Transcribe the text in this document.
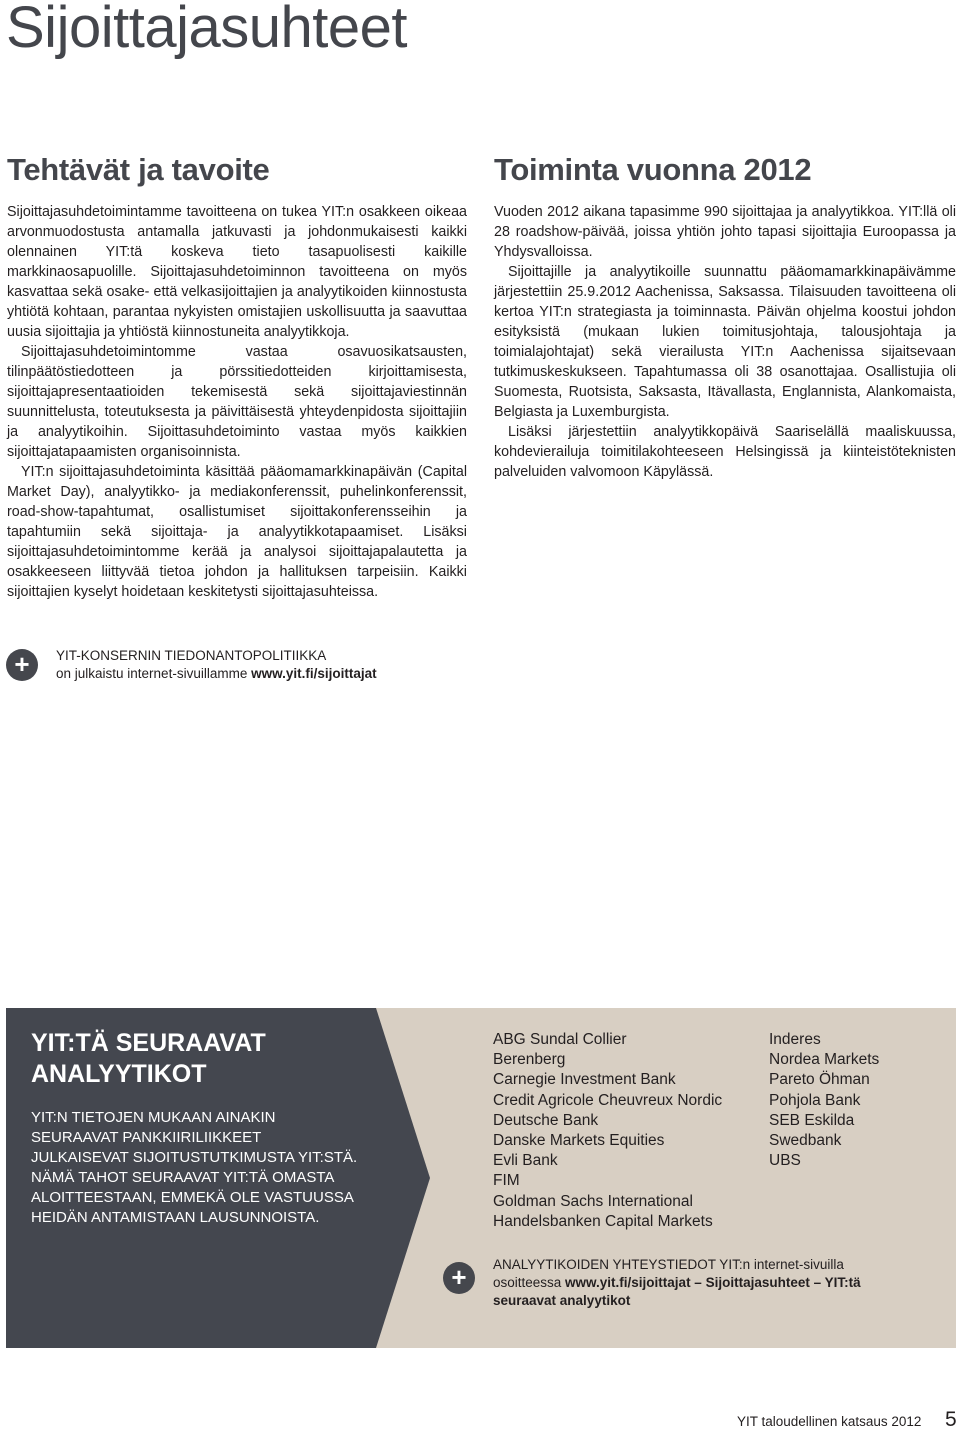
Sijoittajasuhteet
Tehtävät ja tavoite

Sijoittajasuhdetoimintamme tavoitteena on tukea YIT:n osakkeen oikeaa arvonmuodostusta antamalla jatkuvasti ja johdonmukaisesti kaikki olennainen YIT:tä koskeva tieto tasapuolisesti kaikille markkinaosapuolille. Sijoittajasuhdetoiminnon tavoitteena on myös kasvattaa sekä osake- että velkasijoittajien ja analyytikoiden kiinnostusta yhtiötä kohtaan, parantaa nykyisten omistajien uskollisuutta ja saavuttaa uusia sijoittajia ja yhtiöstä kiinnostuneita analyytikkoja.

Sijoittajasuhdetoimintomme vastaa osavuosikatsausten, tilinpäätöstiedotteen ja pörssitiedotteiden kirjoittamisesta, sijoittajapresentaatioiden tekemisestä sekä sijoittajaviestinnän suunnittelusta, toteutuksesta ja päivittäisestä yhteydenpidosta sijoittajiin ja analyytikoihin. Sijoittasuhdetoiminto vastaa myös kaikkien sijoittajatapaamisten organisoinnista.

YIT:n sijoittajasuhdetoiminta käsittää pääomamarkkinapäivän (Capital Market Day), analyytikko- ja mediakonferenssit, puhelinkonferenssit, road-show-tapahtumat, osallistumiset sijoittakonferensseihin ja tapahtumiin sekä sijoittaja- ja analyytikkotapaamiset. Lisäksi sijoittajasuhdetoimintomme kerää ja analysoi sijoittajapalautetta ja osakkeeseen liittyvää tietoa johdon ja hallituksen tarpeisiin. Kaikki sijoittajien kyselyt hoidetaan keskitetysti sijoittajasuhteissa.

Toiminta vuonna 2012

Vuoden 2012 aikana tapasimme 990 sijoittajaa ja analyytikkoa. YIT:llä oli 28 roadshow-päivää, joissa yhtiön johto tapasi sijoittajia Euroopassa ja Yhdysvalloissa.

Sijoittajille ja analyytikoille suunnattu pääomamarkkinapäivämme järjestettiin 25.9.2012 Aachenissa, Saksassa. Tilaisuuden tavoitteena oli kertoa YIT:n strategiasta ja toiminnasta. Päivän ohjelma koostui johdon esityksistä (mukaan lukien toimitusjohtaja, talousjohtaja ja toimialajohtajat) sekä vierailusta YIT:n Aachenissa sijaitsevaan tutkimuskeskukseen. Tapahtumassa oli 38 osanottajaa. Osallistujia oli Suomesta, Ruotsista, Saksasta, Itävallasta, Englannista, Alankomaista, Belgiasta ja Luxemburgista.

Lisäksi järjestettiin analyytikkopäivä Saariselällä maaliskuussa, kohdevierailuja toimitilakohteeseen Helsingissä ja kiinteistöteknisten palveluiden valvomoon Käpylässä.

+	YIT-KONSERNIN TIEDONANTOPOLITIIKKA
on julkaistu internet-sivuillamme www.yit.fi/sijoittajat
YIT:TÄ SEURAAVAT ANALYYTIKOT

YIT:N TIETOJEN MUKAAN AINAKIN SEURAAVAT PANKKIIRILIIKKEET JULKAISEVAT SIJOITUSTUTKIMUSTA YIT:STÄ. NÄMÄ TAHOT SEURAAVAT YIT:TÄ OMASTA ALOITTEESTAAN, EMMEKÄ OLE VASTUUSSA HEIDÄN ANTAMISTAAN LAUSUNNOISTA.

ABG Sundal Collier
Berenberg
Carnegie Investment Bank
Credit Agricole Cheuvreux Nordic
Deutsche Bank
Danske Markets Equities
Evli Bank
FIM
Goldman Sachs International
Handelsbanken Capital Markets
Inderes
Nordea Markets
Pareto Öhman
Pohjola Bank
SEB Eskilda
Swedbank
UBS
+	ANALYYTIKOIDEN YHTEYSTIEDOT YIT:n internet-sivuilla
osoitteessa www.yit.fi/sijoittajat – Sijoittajasuhteet – YIT:tä seuraavat analyytikot
YIT taloudellinen katsaus 2012 5
